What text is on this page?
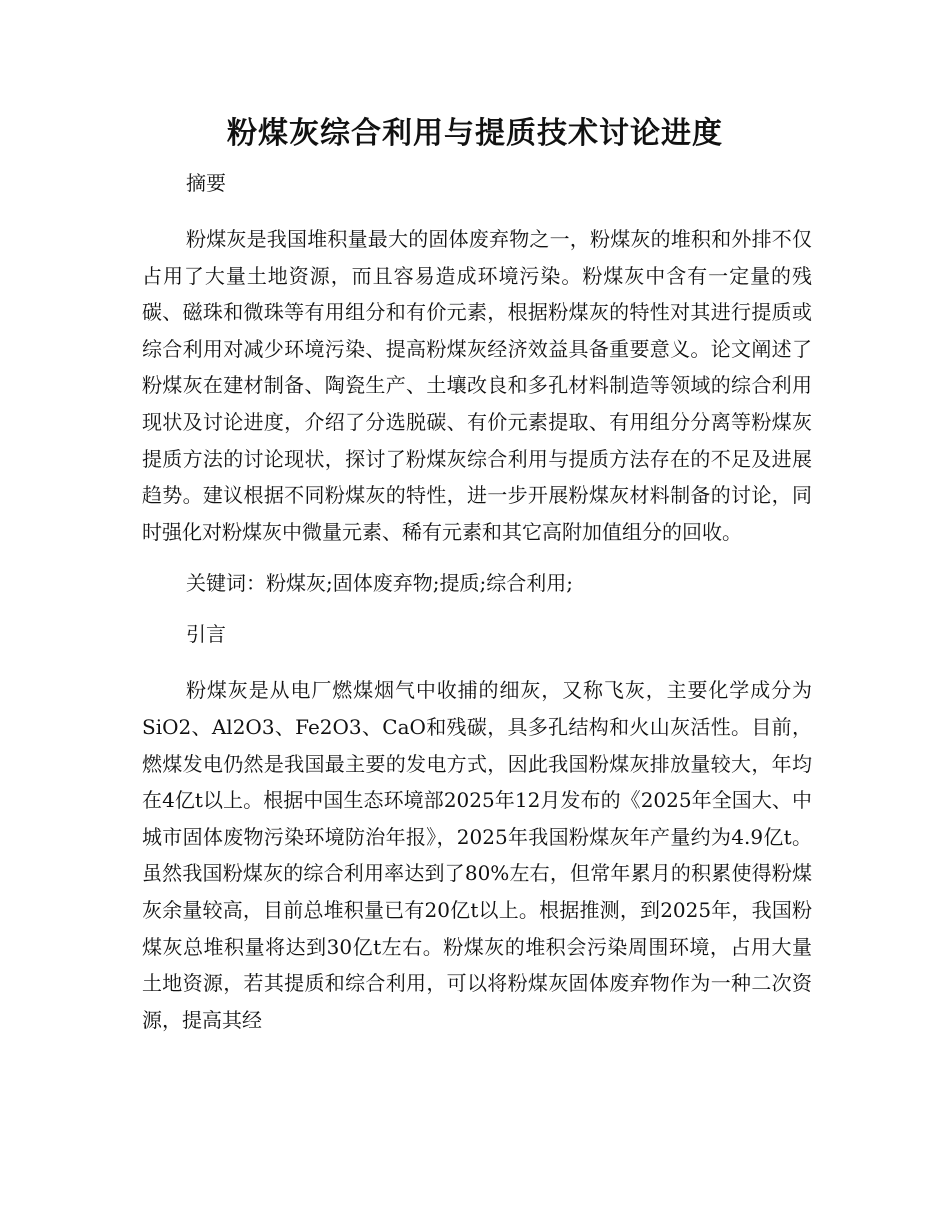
粉煤灰综合利用与提质技术讨论进度

摘要

粉煤灰是我国堆积量最大的固体废弃物之一，粉煤灰的堆积和外排不仅占用了大量土地资源，而且容易造成环境污染。粉煤灰中含有一定量的残碳、磁珠和微珠等有用组分和有价元素，根据粉煤灰的特性对其进行提质或综合利用对减少环境污染、提高粉煤灰经济效益具备重要意义。论文阐述了粉煤灰在建材制备、陶瓷生产、土壤改良和多孔材料制造等领域的综合利用现状及讨论进度，介绍了分选脱碳、有价元素提取、有用组分分离等粉煤灰提质方法的讨论现状，探讨了粉煤灰综合利用与提质方法存在的不足及进展趋势。建议根据不同粉煤灰的特性，进一步开展粉煤灰材料制备的讨论，同时强化对粉煤灰中微量元素、稀有元素和其它高附加值组分的回收。

关键词：粉煤灰;固体废弃物;提质;综合利用;

引言

粉煤灰是从电厂燃煤烟气中收捕的细灰，又称飞灰，主要化学成分为SiO2、Al2O3、Fe2O3、CaO和残碳，具多孔结构和火山灰活性。目前，燃煤发电仍然是我国最主要的发电方式，因此我国粉煤灰排放量较大，年均在4亿t以上。根据中国生态环境部2025年12月发布的《2025年全国大、中城市固体废物污染环境防治年报》，2025年我国粉煤灰年产量约为4.9亿t。虽然我国粉煤灰的综合利用率达到了80%左右，但常年累月的积累使得粉煤灰余量较高，目前总堆积量已有20亿t以上。根据推测，到2025年，我国粉煤灰总堆积量将达到30亿t左右。粉煤灰的堆积会污染周围环境，占用大量土地资源，若其提质和综合利用，可以将粉煤灰固体废弃物作为一种二次资源，提高其经
